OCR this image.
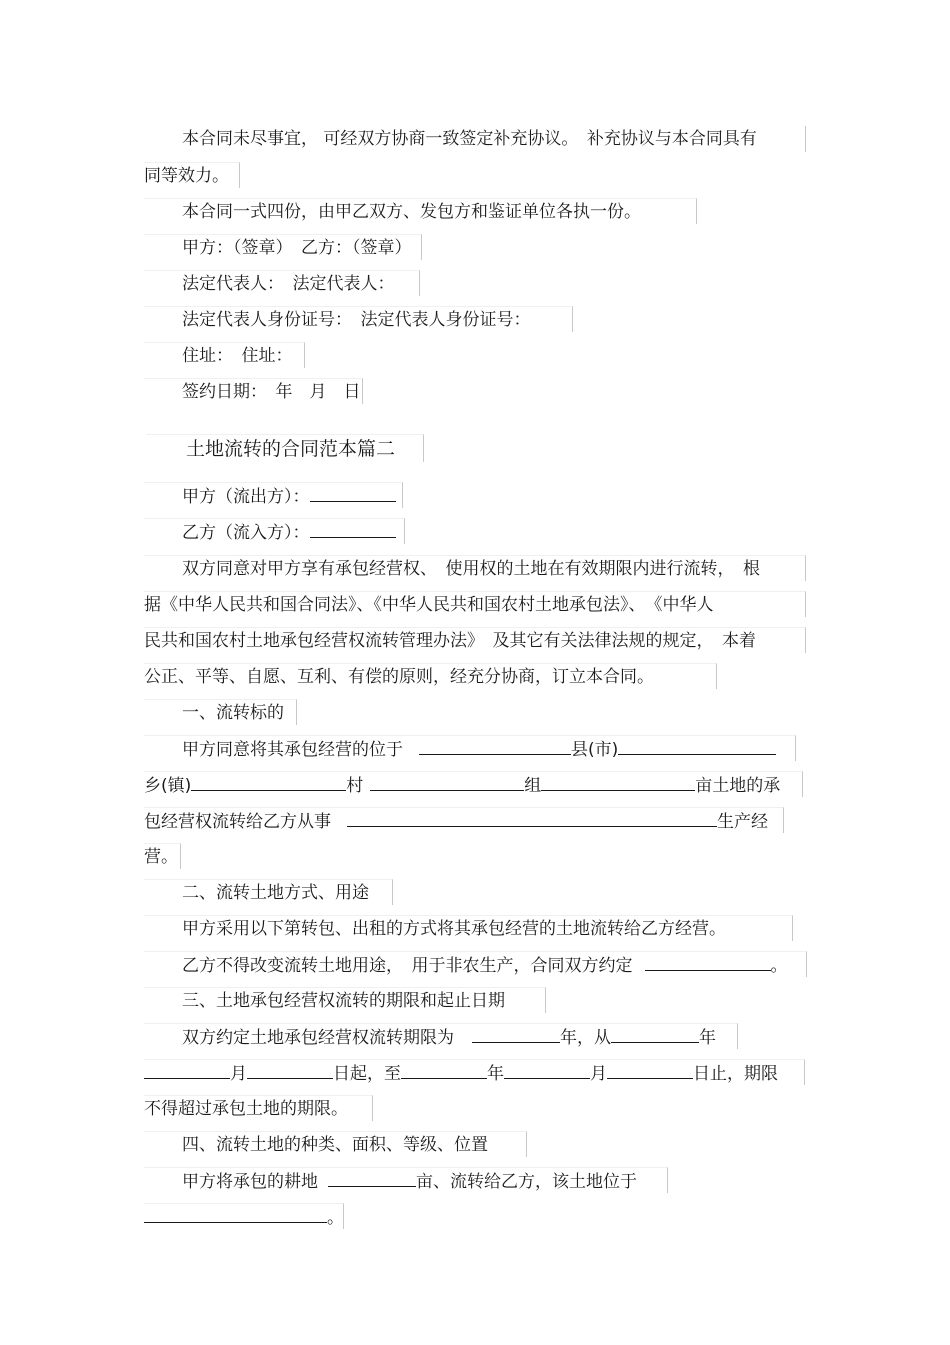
本合同未尽事宜， 可经双方协商一致签定补充协议。　补充协议与本合同具有
同等效力。
本合同一式四份，由甲乙双方、发包方和鉴证单位各执一份。
甲方：（签章）　乙方：（签章）
法定代表人：　法定代表人：
法定代表人身份证号：　法定代表人身份证号：
住址：　住址：
签约日期：　年　月　日
土地流转的合同范本篇二
甲方（流出方）：
乙方（流入方）：
双方同意对甲方享有承包经营权、　使用权的土地在有效期限内进行流转，　根
据《中华人民共和国合同法》、《中华人民共和国农村土地承包法》、　《中华人
民共和国农村土地承包经营权流转管理办法》　及其它有关法律法规的规定，　本着
公正、平等、自愿、互利、有偿的原则，经充分协商，订立本合同。
一、流转标的
甲方同意将其承包经营的位于	县(市)
乡(镇)	村	组	亩土地的承
包经营权流转给乙方从事	生产经
营。
二、流转土地方式、用途
甲方采用以下第转包、出租的方式将其承包经营的土地流转给乙方经营。
乙方不得改变流转土地用途，　用于非农生产，合同双方约定	。
三、土地承包经营权流转的期限和起止日期
双方约定土地承包经营权流转期限为	年，从	年
月	日起，至	年	月	日止，期限
不得超过承包土地的期限。
四、流转土地的种类、面积、等级、位置
甲方将承包的耕地	亩、流转给乙方，该土地位于
。
